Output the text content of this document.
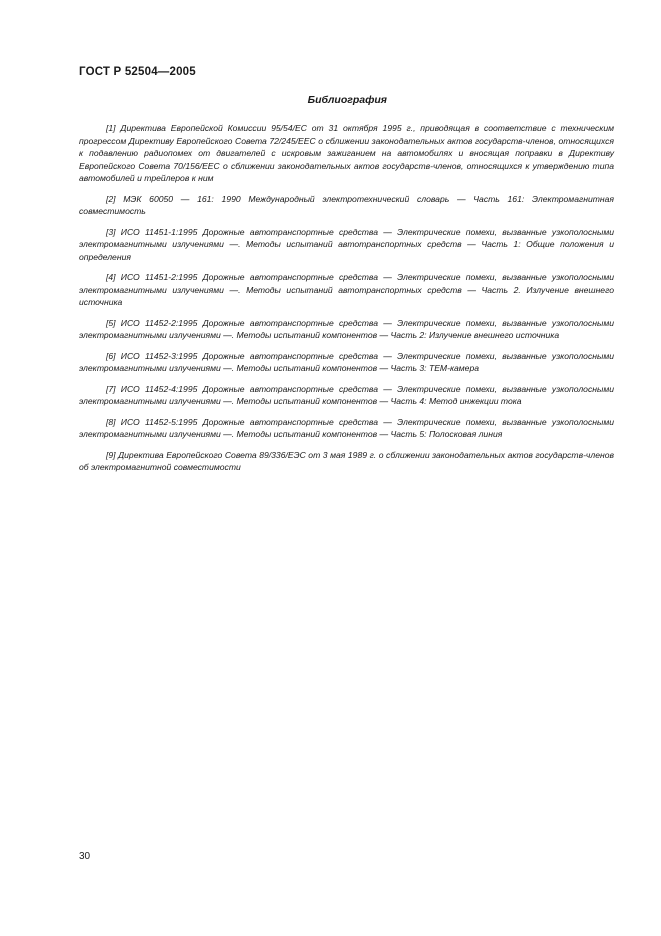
ГОСТ Р 52504—2005
Библиография
[1] Директива Европейской Комиссии 95/54/ЕС от 31 октября 1995 г., приводящая в соответствие с техническим прогрессом Директиву Европейского Совета 72/245/ЕЕС о сближении законодательных актов государств-членов, относящихся к подавлению радиопомех от двигателей с искровым зажиганием на автомобилях и вносящая поправки в Директиву Европейского Совета 70/156/ЕЕС о сближении законодательных актов государств-членов, относящихся к утверждению типа автомобилей и трейлеров к ним
[2] МЭК 60050 — 161: 1990 Международный электротехнический словарь — Часть 161: Электромагнитная совместимость
[3] ИСО 11451-1:1995 Дорожные автотранспортные средства — Электрические помехи, вызванные узкополосными электромагнитными излучениями —. Методы испытаний автотранспортных средств — Часть 1: Общие положения и определения
[4] ИСО 11451-2:1995 Дорожные автотранспортные средства — Электрические помехи, вызванные узкополосными электромагнитными излучениями —. Методы испытаний автотранспортных средств — Часть 2. Излучение внешнего источника
[5] ИСО 11452-2:1995 Дорожные автотранспортные средства — Электрические помехи, вызванные узкополосными электромагнитными излучениями —. Методы испытаний компонентов — Часть 2: Излучение внешнего источника
[6] ИСО 11452-3:1995 Дорожные автотранспортные средства — Электрические помехи, вызванные узкополосными электромагнитными излучениями —. Методы испытаний компонентов — Часть 3: ТЕМ-камера
[7] ИСО 11452-4:1995 Дорожные автотранспортные средства — Электрические помехи, вызванные узкополосными электромагнитными излучениями —. Методы испытаний компонентов — Часть 4: Метод инжекции тока
[8] ИСО 11452-5:1995 Дорожные автотранспортные средства — Электрические помехи, вызванные узкополосными электромагнитными излучениями —. Методы испытаний компонентов — Часть 5: Полосковая линия
[9] Директива Европейского Совета 89/336/ЕЭС от 3 мая 1989 г. о сближении законодательных актов государств-членов об электромагнитной совместимости
30
